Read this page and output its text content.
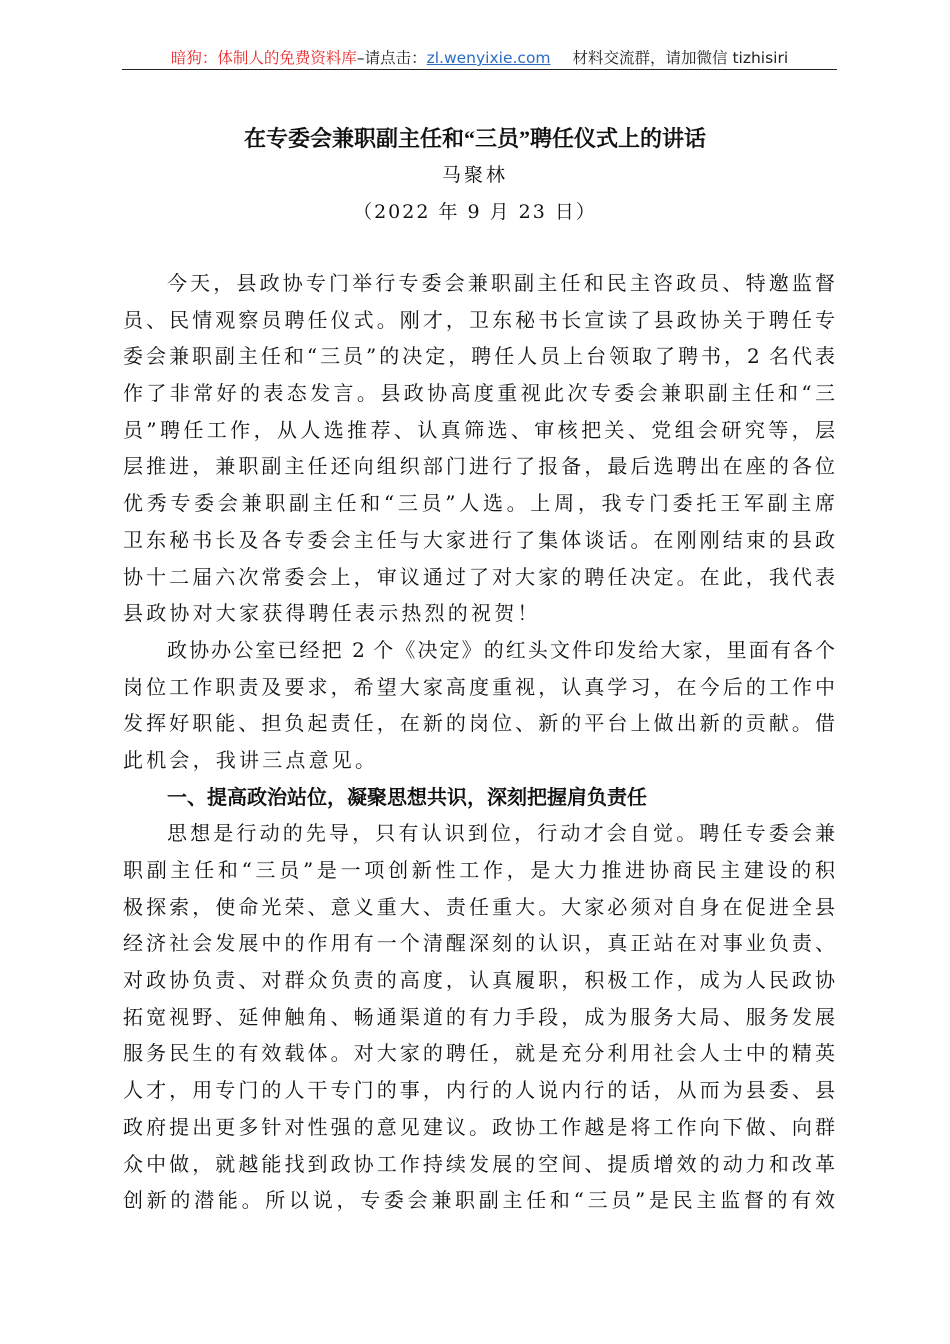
暗狗：体制人的免费资料库–请点击：zl.wenyixie.com 材料交流群，请加微信 tizhisiri
在专委会兼职副主任和“三员”聘任仪式上的讲话
马聚林
（2022 年 9 月 23 日）
今天，县政协专门举行专委会兼职副主任和民主咨政员、特邀监督
员、民情观察员聘任仪式。刚才，卫东秘书长宣读了县政协关于聘任专
委会兼职副主任和“三员”的决定，聘任人员上台领取了聘书，2 名代表
作了非常好的表态发言。县政协高度重视此次专委会兼职副主任和“三
员”聘任工作，从人选推荐、认真筛选、审核把关、党组会研究等，层
层推进，兼职副主任还向组织部门进行了报备，最后选聘出在座的各位
优秀专委会兼职副主任和“三员”人选。上周，我专门委托王军副主席
卫东秘书长及各专委会主任与大家进行了集体谈话。在刚刚结束的县政
协十二届六次常委会上，审议通过了对大家的聘任决定。在此，我代表
县政协对大家获得聘任表示热烈的祝贺！
政协办公室已经把 2 个《决定》的红头文件印发给大家，里面有各个
岗位工作职责及要求，希望大家高度重视，认真学习，在今后的工作中
发挥好职能、担负起责任，在新的岗位、新的平台上做出新的贡献。借
此机会，我讲三点意见。
一、提高政治站位，凝聚思想共识，深刻把握肩负责任
思想是行动的先导，只有认识到位，行动才会自觉。聘任专委会兼
职副主任和“三员”是一项创新性工作，是大力推进协商民主建设的积
极探索，使命光荣、意义重大、责任重大。大家必须对自身在促进全县
经济社会发展中的作用有一个清醒深刻的认识，真正站在对事业负责、
对政协负责、对群众负责的高度，认真履职，积极工作，成为人民政协
拓宽视野、延伸触角、畅通渠道的有力手段，成为服务大局、服务发展
服务民生的有效载体。对大家的聘任，就是充分利用社会人士中的精英
人才，用专门的人干专门的事，内行的人说内行的话，从而为县委、县
政府提出更多针对性强的意见建议。政协工作越是将工作向下做、向群
众中做，就越能找到政协工作持续发展的空间、提质增效的动力和改革
创新的潜能。所以说，专委会兼职副主任和“三员”是民主监督的有效
